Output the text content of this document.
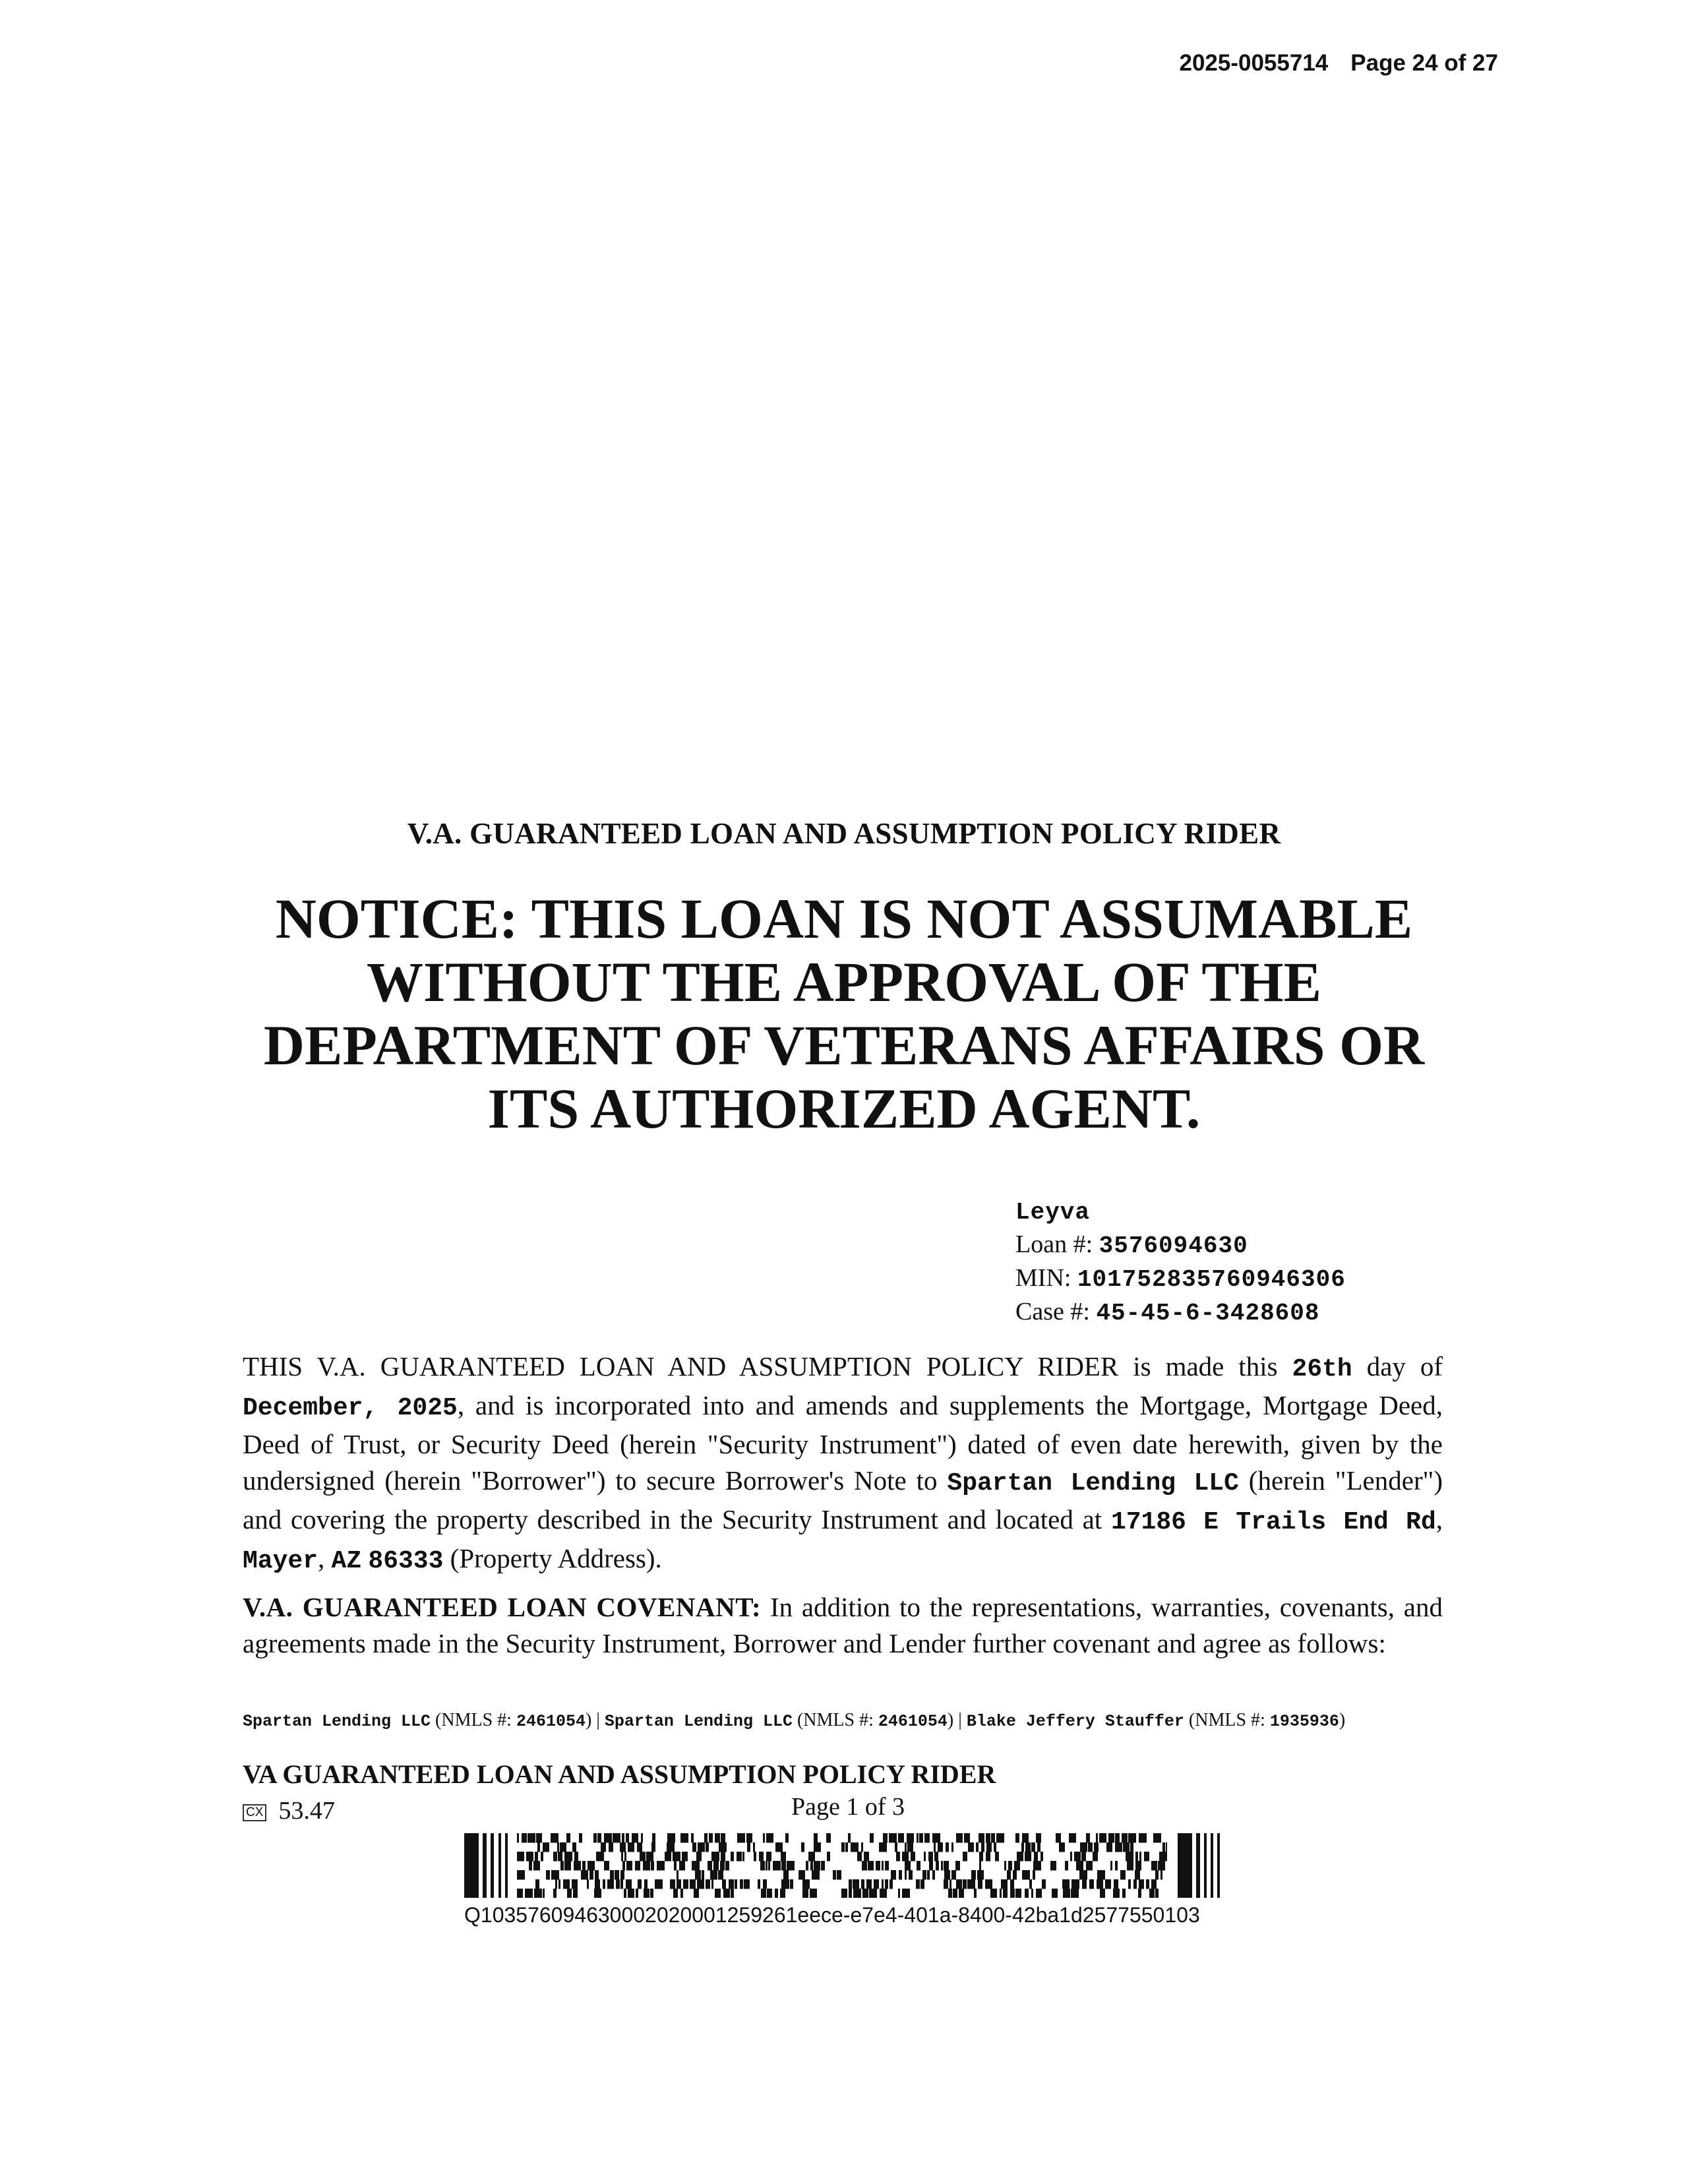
2025-0055714 Page 24 of 27
V.A. GUARANTEED LOAN AND ASSUMPTION POLICY RIDER
NOTICE: THIS LOAN IS NOT ASSUMABLE
WITHOUT THE APPROVAL OF THE
DEPARTMENT OF VETERANS AFFAIRS OR
ITS AUTHORIZED AGENT.
Leyva
Loan #: 3576094630
MIN: 101752835760946306
Case #: 45-45-6-3428608
THIS V.A. GUARANTEED LOAN AND ASSUMPTION POLICY RIDER is made this 26th day of December, 2025, and is incorporated into and amends and supplements the Mortgage, Mortgage Deed, Deed of Trust, or Security Deed (herein "Security Instrument") dated of even date herewith, given by the undersigned (herein "Borrower") to secure Borrower's Note to Spartan Lending LLC (herein "Lender") and covering the property described in the Security Instrument and located at 17186 E Trails End Rd, Mayer, AZ 86333 (Property Address).
V.A. GUARANTEED LOAN COVENANT: In addition to the representations, warranties, covenants, and agreements made in the Security Instrument, Borrower and Lender further covenant and agree as follows:
Spartan Lending LLC (NMLS #: 2461054) | Spartan Lending LLC (NMLS #: 2461054) | Blake Jeffery Stauffer (NMLS #: 1935936)
VA GUARANTEED LOAN AND ASSUMPTION POLICY RIDER
CX 53.47	Page 1 of 3
Q10357609463000202000125926​1eece-e7e4-401a-8400-42ba1d2577550103
